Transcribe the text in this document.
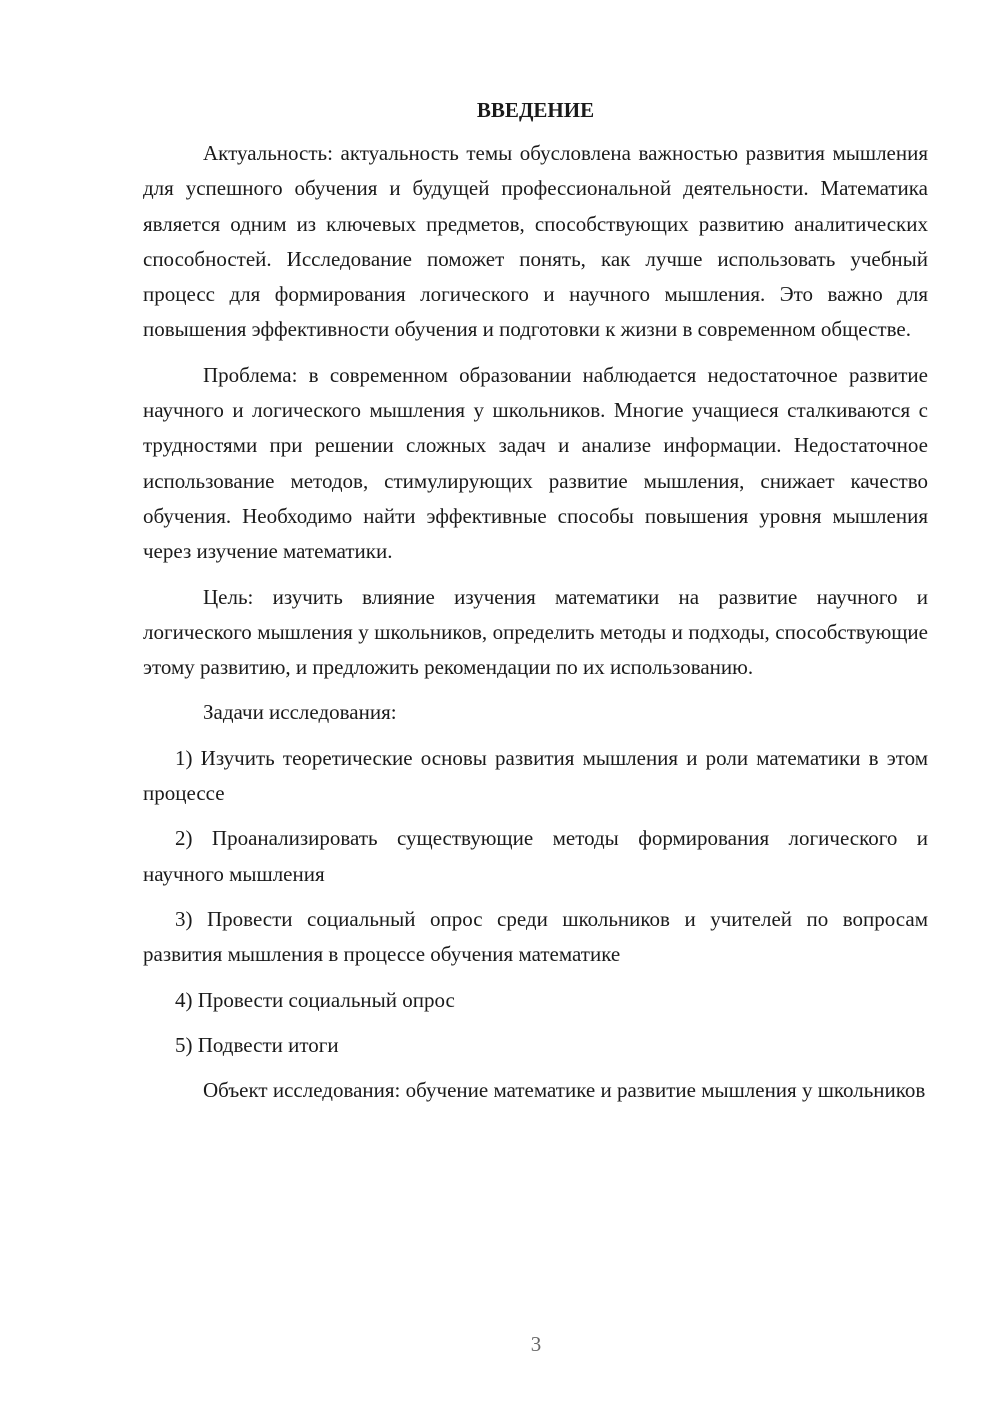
ВВЕДЕНИЕ

Актуальность: актуальность темы обусловлена важностью развития мышления для успешного обучения и будущей профессиональной деятельности. Математика является одним из ключевых предметов, способствующих развитию аналитических способностей. Исследование поможет понять, как лучше использовать учебный процесс для формирования логического и научного мышления. Это важно для повышения эффективности обучения и подготовки к жизни в современном обществе.

Проблема: в современном образовании наблюдается недостаточное развитие научного и логического мышления у школьников. Многие учащиеся сталкиваются с трудностями при решении сложных задач и анализе информации. Недостаточное использование методов, стимулирующих развитие мышления, снижает качество обучения. Необходимо найти эффективные способы повышения уровня мышления через изучение математики.

Цель: изучить влияние изучения математики на развитие научного и логического мышления у школьников, определить методы и подходы, способствующие этому развитию, и предложить рекомендации по их использованию.

Задачи исследования:

1) Изучить теоретические основы развития мышления и роли математики в этом процессе

2) Проанализировать существующие методы формирования логического и научного мышления

3) Провести социальный опрос среди школьников и учителей по вопросам развития мышления в процессе обучения математике

4) Провести социальный опрос

5) Подвести итоги

Объект исследования: обучение математике и развитие мышления у школьников

3
